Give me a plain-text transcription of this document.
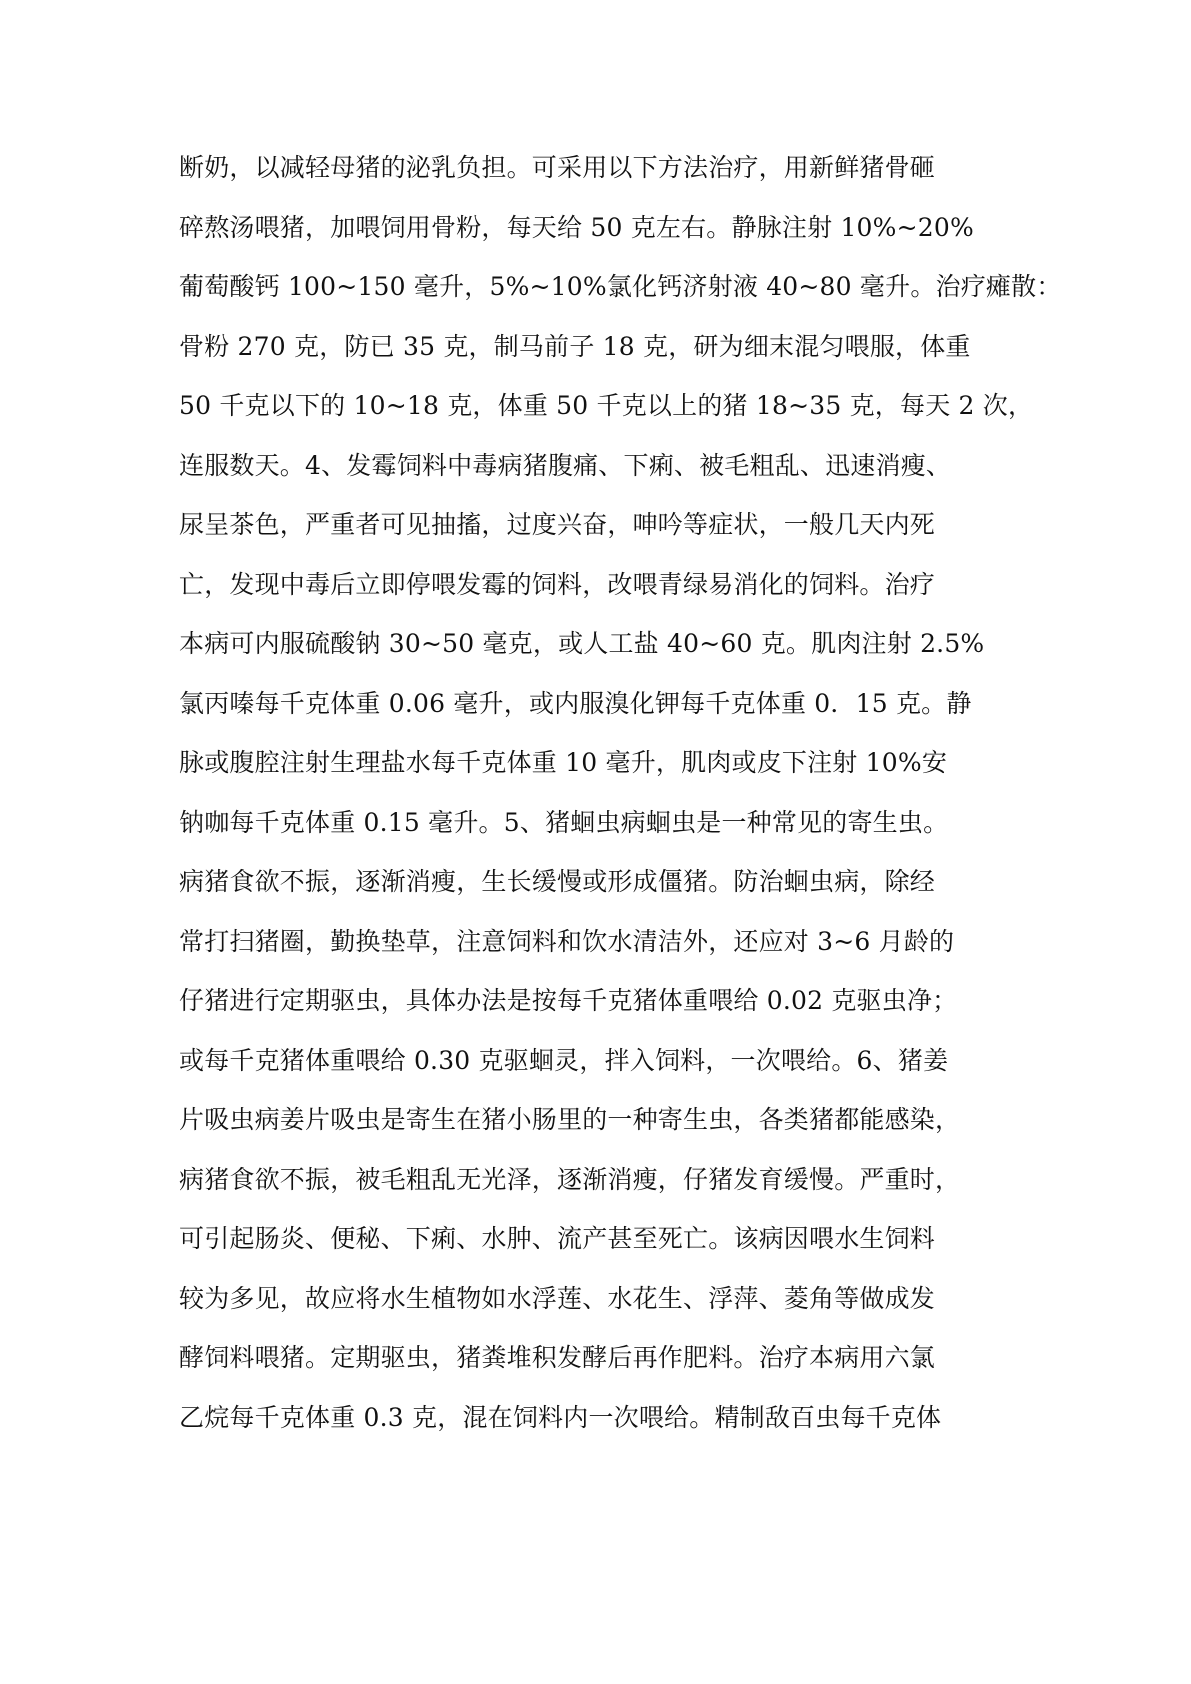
断奶，以减轻母猪的泌乳负担。可采用以下方法治疗，用新鲜猪骨砸
碎熬汤喂猪，加喂饲用骨粉，每天给 50 克左右。静脉注射 10%~20%
葡萄酸钙 100~150 毫升，5%~10%氯化钙济射液 40~80 毫升。治疗瘫散：
骨粉 270 克，防已 35 克，制马前子 18 克，研为细末混匀喂服，体重
50 千克以下的 10~18 克，体重 50 千克以上的猪 18~35 克，每天 2 次，
连服数天。4、发霉饲料中毒病猪腹痛、下痢、被毛粗乱、迅速消瘦、
尿呈茶色，严重者可见抽搐，过度兴奋，呻吟等症状，一般几天内死
亡，发现中毒后立即停喂发霉的饲料，改喂青绿易消化的饲料。治疗
本病可内服硫酸钠 30~50 毫克，或人工盐 40~60 克。肌肉注射 2.5%
氯丙嗪每千克体重 0.06 毫升，或内服溴化钾每千克体重 0．15 克。静
脉或腹腔注射生理盐水每千克体重 10 毫升，肌肉或皮下注射 10%安
钠咖每千克体重 0.15 毫升。5、猪蛔虫病蛔虫是一种常见的寄生虫。
病猪食欲不振，逐渐消瘦，生长缓慢或形成僵猪。防治蛔虫病，除经
常打扫猪圈，勤换垫草，注意饲料和饮水清洁外，还应对 3~6 月龄的
仔猪进行定期驱虫，具体办法是按每千克猪体重喂给 0.02 克驱虫净；
或每千克猪体重喂给 0.30 克驱蛔灵，拌入饲料，一次喂给。6、猪姜
片吸虫病姜片吸虫是寄生在猪小肠里的一种寄生虫，各类猪都能感染，
病猪食欲不振，被毛粗乱无光泽，逐渐消瘦，仔猪发育缓慢。严重时，
可引起肠炎、便秘、下痢、水肿、流产甚至死亡。该病因喂水生饲料
较为多见，故应将水生植物如水浮莲、水花生、浮萍、菱角等做成发
酵饲料喂猪。定期驱虫，猪粪堆积发酵后再作肥料。治疗本病用六氯
乙烷每千克体重 0.3 克，混在饲料内一次喂给。精制敌百虫每千克体
